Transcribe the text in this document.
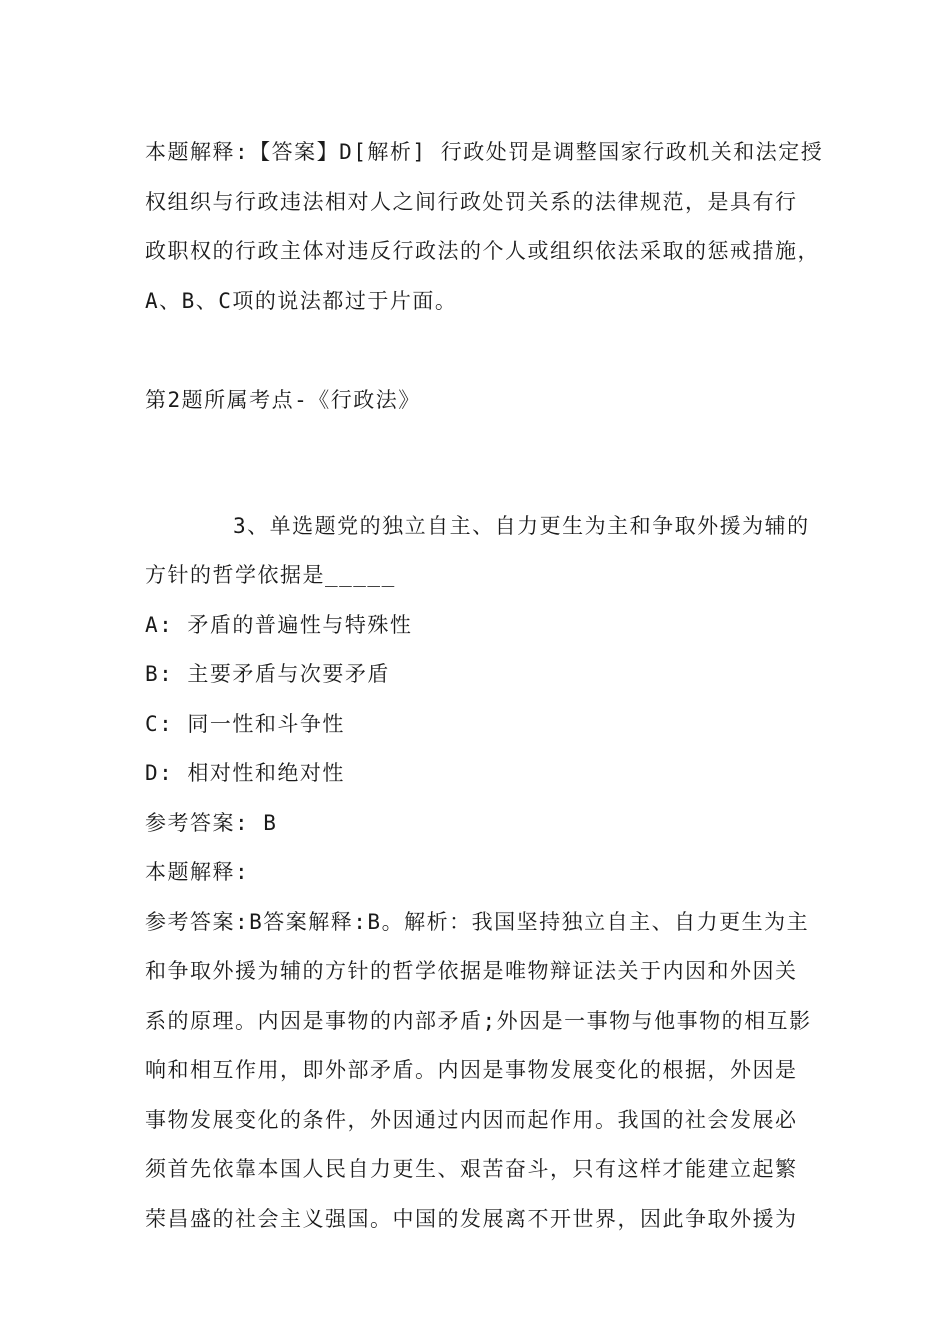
本题解释:【答案】D[解析] 行政处罚是调整国家行政机关和法定授
权组织与行政违法相对人之间行政处罚关系的法律规范，是具有行
政职权的行政主体对违反行政法的个人或组织依法采取的惩戒措施，
A、B、C项的说法都过于片面。
第2题所属考点-《行政法》
3、单选题党的独立自主、自力更生为主和争取外援为辅的
方针的哲学依据是_____
A: 矛盾的普遍性与特殊性
B: 主要矛盾与次要矛盾
C: 同一性和斗争性
D: 相对性和绝对性
参考答案: B
本题解释:
参考答案:B答案解释:B。解析：我国坚持独立自主、自力更生为主
和争取外援为辅的方针的哲学依据是唯物辩证法关于内因和外因关
系的原理。内因是事物的内部矛盾;外因是一事物与他事物的相互影
响和相互作用，即外部矛盾。内因是事物发展变化的根据，外因是
事物发展变化的条件，外因通过内因而起作用。我国的社会发展必
须首先依靠本国人民自力更生、艰苦奋斗，只有这样才能建立起繁
荣昌盛的社会主义强国。中国的发展离不开世界，因此争取外援为
